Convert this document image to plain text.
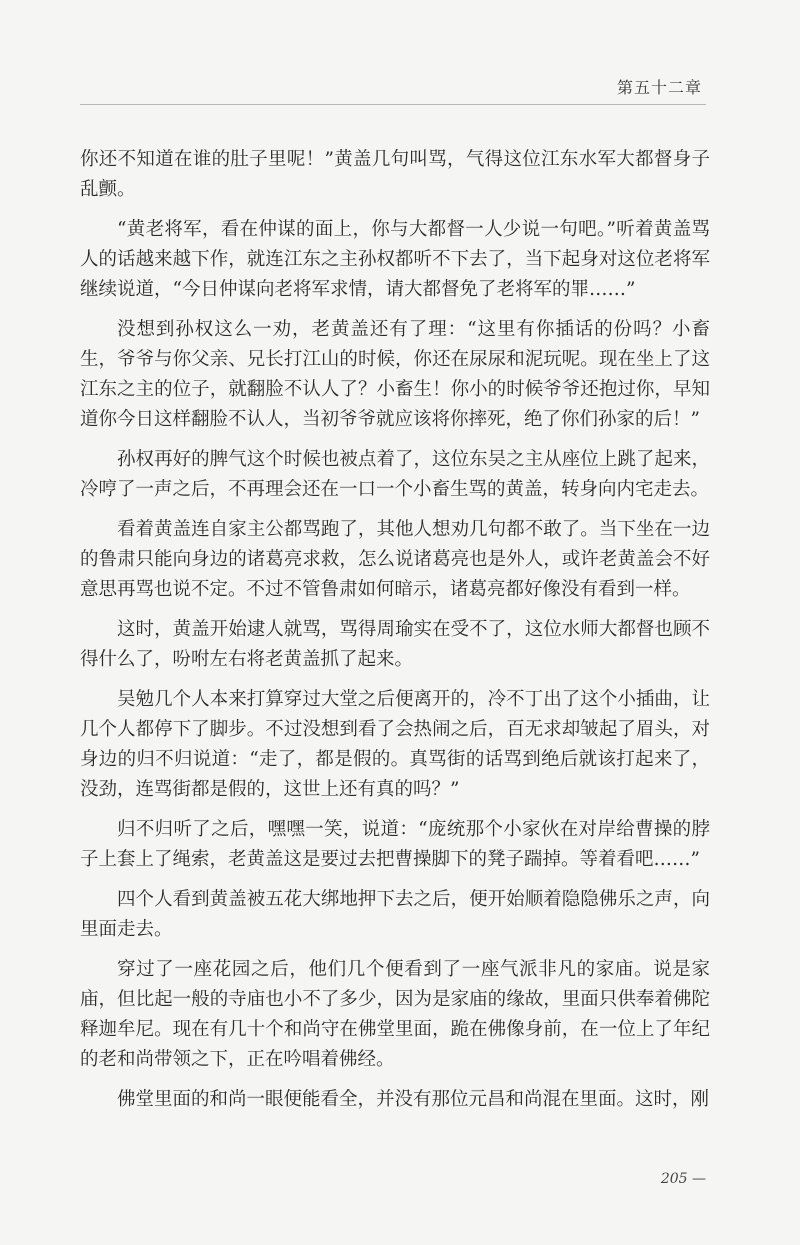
第五十二章

你还不知道在谁的肚子里呢！”黄盖几句叫骂，气得这位江东水军大都督身子乱颤。

“黄老将军，看在仲谋的面上，你与大都督一人少说一句吧。”听着黄盖骂人的话越来越下作，就连江东之主孙权都听不下去了，当下起身对这位老将军继续说道，“今日仲谋向老将军求情，请大都督免了老将军的罪……”

没想到孙权这么一劝，老黄盖还有了理：“这里有你插话的份吗？小畜生，爷爷与你父亲、兄长打江山的时候，你还在尿尿和泥玩呢。现在坐上了这江东之主的位子，就翻脸不认人了？小畜生！你小的时候爷爷还抱过你，早知道你今日这样翻脸不认人，当初爷爷就应该将你摔死，绝了你们孙家的后！”

孙权再好的脾气这个时候也被点着了，这位东吴之主从座位上跳了起来，冷哼了一声之后，不再理会还在一口一个小畜生骂的黄盖，转身向内宅走去。

看着黄盖连自家主公都骂跑了，其他人想劝几句都不敢了。当下坐在一边的鲁肃只能向身边的诸葛亮求救，怎么说诸葛亮也是外人，或许老黄盖会不好意思再骂也说不定。不过不管鲁肃如何暗示，诸葛亮都好像没有看到一样。

这时，黄盖开始逮人就骂，骂得周瑜实在受不了，这位水师大都督也顾不得什么了，吩咐左右将老黄盖抓了起来。

吴勉几个人本来打算穿过大堂之后便离开的，冷不丁出了这个小插曲，让几个人都停下了脚步。不过没想到看了会热闹之后，百无求却皱起了眉头，对身边的归不归说道：“走了，都是假的。真骂街的话骂到绝后就该打起来了，没劲，连骂街都是假的，这世上还有真的吗？”

归不归听了之后，嘿嘿一笑，说道：“庞统那个小家伙在对岸给曹操的脖子上套上了绳索，老黄盖这是要过去把曹操脚下的凳子踹掉。等着看吧……”

四个人看到黄盖被五花大绑地押下去之后，便开始顺着隐隐佛乐之声，向里面走去。

穿过了一座花园之后，他们几个便看到了一座气派非凡的家庙。说是家庙，但比起一般的寺庙也小不了多少，因为是家庙的缘故，里面只供奉着佛陀释迦牟尼。现在有几十个和尚守在佛堂里面，跪在佛像身前，在一位上了年纪的老和尚带领之下，正在吟唱着佛经。

佛堂里面的和尚一眼便能看全，并没有那位元昌和尚混在里面。这时，刚

205 —
